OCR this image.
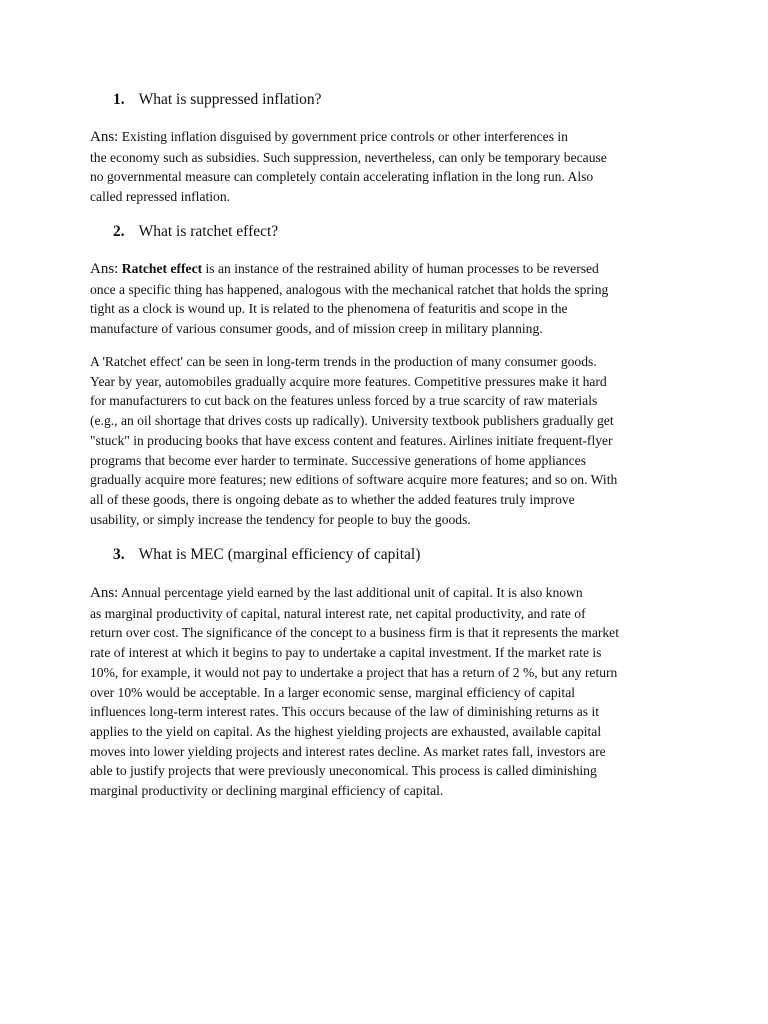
1. What is suppressed inflation?
Ans: Existing inflation disguised by government price controls or other interferences in
the economy such as subsidies. Such suppression, nevertheless, can only be temporary because
no governmental measure can completely contain accelerating inflation in the long run. Also
called repressed inflation.
2. What is ratchet effect?
Ans: Ratchet effect is an instance of the restrained ability of human processes to be reversed
once a specific thing has happened, analogous with the mechanical ratchet that holds the spring
tight as a clock is wound up. It is related to the phenomena of featuritis and scope in the
manufacture of various consumer goods, and of mission creep in military planning.
A 'Ratchet effect' can be seen in long-term trends in the production of many consumer goods.
Year by year, automobiles gradually acquire more features. Competitive pressures make it hard
for manufacturers to cut back on the features unless forced by a true scarcity of raw materials
(e.g., an oil shortage that drives costs up radically). University textbook publishers gradually get
"stuck" in producing books that have excess content and features. Airlines initiate frequent-flyer
programs that become ever harder to terminate. Successive generations of home appliances
gradually acquire more features; new editions of software acquire more features; and so on. With
all of these goods, there is ongoing debate as to whether the added features truly improve
usability, or simply increase the tendency for people to buy the goods.
3. What is MEC (marginal efficiency of capital)
Ans: Annual percentage yield earned by the last additional unit of capital. It is also known
as marginal productivity of capital, natural interest rate, net capital productivity, and rate of
return over cost. The significance of the concept to a business firm is that it represents the market
rate of interest at which it begins to pay to undertake a capital investment. If the market rate is
10%, for example, it would not pay to undertake a project that has a return of 2 %, but any return
over 10% would be acceptable. In a larger economic sense, marginal efficiency of capital
influences long-term interest rates. This occurs because of the law of diminishing returns as it
applies to the yield on capital. As the highest yielding projects are exhausted, available capital
moves into lower yielding projects and interest rates decline. As market rates fall, investors are
able to justify projects that were previously uneconomical. This process is called diminishing
marginal productivity or declining marginal efficiency of capital.
